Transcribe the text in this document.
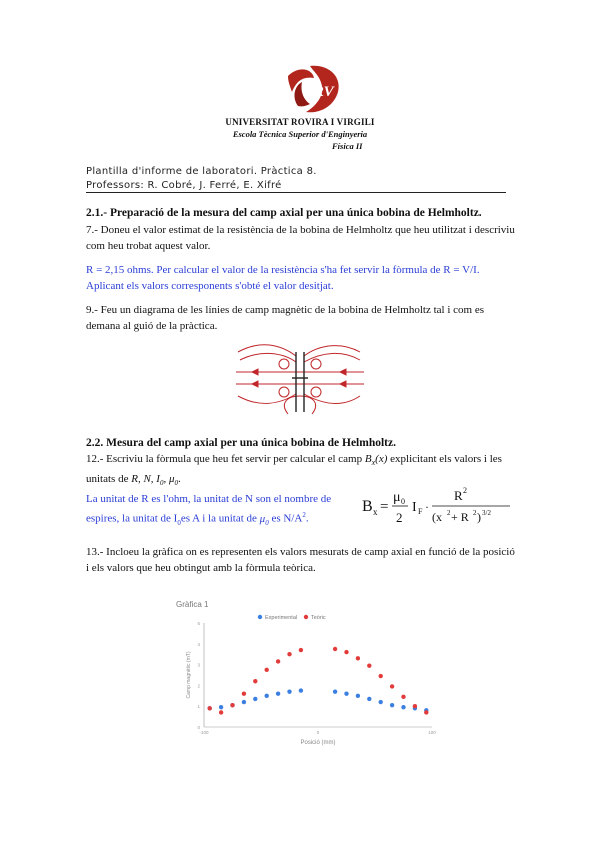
URV
UNIVERSITAT ROVIRA I VIRGILI
Escola Tècnica Superior d'Enginyeria
Física II
Plantilla d'informe de laboratori. Pràctica 8.
Professors: R. Cobré, J. Ferré, E. Xifré
2.1.- Preparació de la mesura del camp axial per una única bobina de Helmholtz.
7.- Doneu el valor estimat de la resistència de la bobina de Helmholtz que heu utilitzat i descriviu com heu trobat aquest valor.
R = 2,15 ohms. Per calcular el valor de la resistència s'ha fet servir la fòrmula de R = V/I. Aplicant els valors corresponents s'obté el valor desitjat.
9.- Feu un diagrama de les línies de camp magnètic de la bobina de Helmholtz tal i com es demana al guió de la pràctica.
2.2. Mesura del camp axial per una única bobina de Helmholtz.
12.- Escriviu la fòrmula que heu fet servir per calcular el camp $B_x(x)$ explicitant els valors i les unitats de R, N, $I_0$, $\mu_0$.
La unitat de R es l'ohm, la unitat de N son el nombre de espires, la unitat de $I_0es$ A i la unitat de $\mu_0$ es $N/A^2$.
B x =
μ 0
2
I F ·
R 2
(x 2 + R 2 ) 3/2
13.- Incloeu la gràfica on es representen els valors mesurats de camp axial en funció de la posició i els valors que heu obtingut amb la fòrmula teòrica.
Gràfica 1
Experimental	Teòric
0
1
2
3
4
5
-100	0	100
Posició (mm)
Camp magnètic (mT)
